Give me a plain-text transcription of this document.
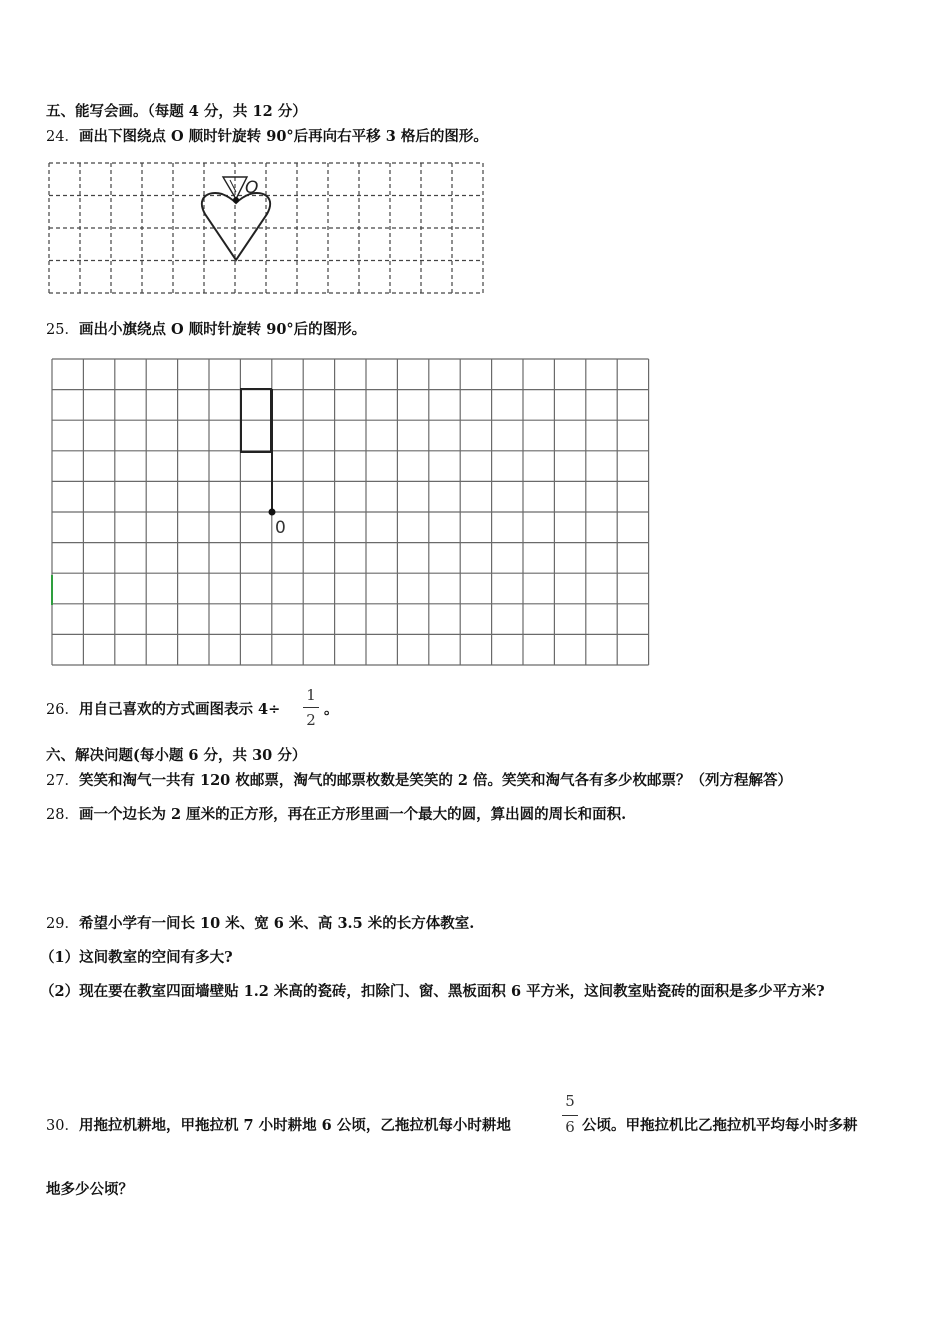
五、能写会画。（每题 4 分，共 12 分）
24．画出下图绕点 O 顺时针旋转 90°后再向右平移 3 格后的图形。
O
25．画出小旗绕点 O 顺时针旋转 90°后的图形。
0
26．用自己喜欢的方式画图表示 4÷
1
2
。
六、解决问题(每小题 6 分，共 30 分）
27．笑笑和淘气一共有 120 枚邮票，淘气的邮票枚数是笑笑的 2 倍。笑笑和淘气各有多少枚邮票？（列方程解答）
28．画一个边长为 2 厘米的正方形，再在正方形里画一个最大的圆，算出圆的周长和面积.
29．希望小学有一间长 10 米、宽 6 米、高 3.5 米的长方体教室.
（1）这间教室的空间有多大?
（2）现在要在教室四面墙壁贴 1.2 米高的瓷砖，扣除门、窗、黑板面积 6 平方米，这间教室贴瓷砖的面积是多少平方米?
30．用拖拉机耕地，甲拖拉机 7 小时耕地 6 公顷，乙拖拉机每小时耕地
5
6 公顷。甲拖拉机比乙拖拉机平均每小时多耕
地多少公顷？
